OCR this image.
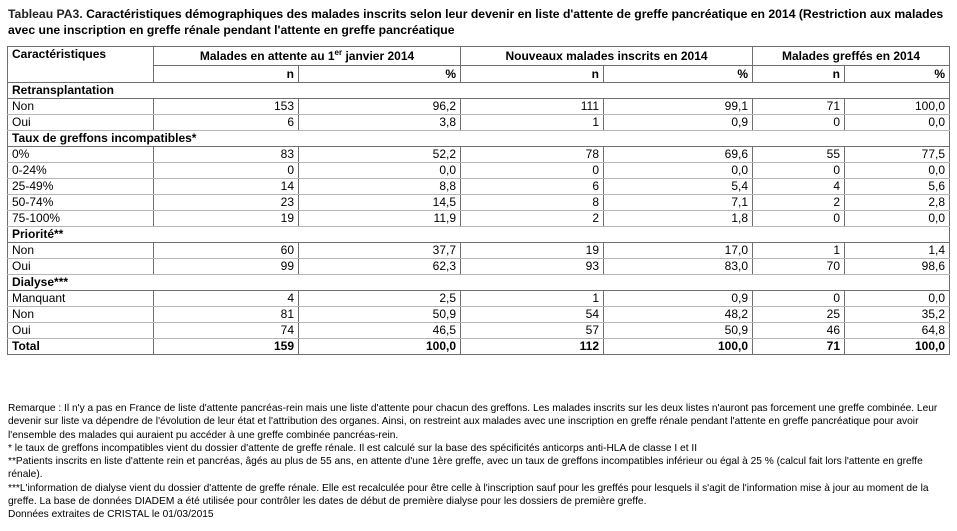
Tableau PA3. Caractéristiques démographiques des malades inscrits selon leur devenir en liste d'attente de greffe pancréatique en 2014 (Restriction aux malades avec une inscription en greffe rénale pendant l'attente en greffe pancréatique
Caractéristiques	Malades en attente au 1er janvier 2014		Nouveaux malades inscrits en 2014		Malades greffés en 2014	
	n	%	n	%	n	%
Retransplantation						
Non	153	96,2	111	99,1	71	100,0
Oui	6	3,8	1	0,9	0	0,0
Taux de greffons incompatibles*						
0%	83	52,2	78	69,6	55	77,5
0-24%	0	0,0	0	0,0	0	0,0
25-49%	14	8,8	6	5,4	4	5,6
50-74%	23	14,5	8	7,1	2	2,8
75-100%	19	11,9	2	1,8	0	0,0
Priorité**						
Non	60	37,7	19	17,0	1	1,4
Oui	99	62,3	93	83,0	70	98,6
Dialyse***						
Manquant	4	2,5	1	0,9	0	0,0
Non	81	50,9	54	48,2	25	35,2
Oui	74	46,5	57	50,9	46	64,8
Total	159	100,0	112	100,0	71	100,0

Remarque : Il n'y a pas en France de liste d'attente pancréas-rein mais une liste d'attente pour chacun des greffons. Les malades inscrits sur les deux listes n'auront pas forcement une greffe combinée. Leur devenir sur liste va dépendre de l'évolution de leur état et l'attribution des organes. Ainsi, on restreint aux malades avec une inscription en greffe rénale pendant l'attente en greffe pancréatique pour avoir l'ensemble des malades qui auraient pu accéder à une greffe combinée pancréas-rein.

* le taux de greffons incompatibles vient du dossier d'attente de greffe rénale. Il est calculé sur la base des spécificités anticorps anti-HLA de classe I et II

**Patients inscrits en liste d'attente rein et pancréas, âgés au plus de 55 ans, en attente d'une 1ère greffe, avec un taux de greffons incompatibles inférieur ou égal à 25 % (calcul fait lors l'attente en greffe rénale).

***L'information de dialyse vient du dossier d'attente de greffe rénale. Elle est recalculée pour être celle à l'inscription sauf pour les greffés pour lesquels il s'agit de l'information mise à jour au moment de la greffe. La base de données DIADEM a été utilisée pour contrôler les dates de début de première dialyse pour les dossiers de première greffe.

Données extraites de CRISTAL le 01/03/2015
